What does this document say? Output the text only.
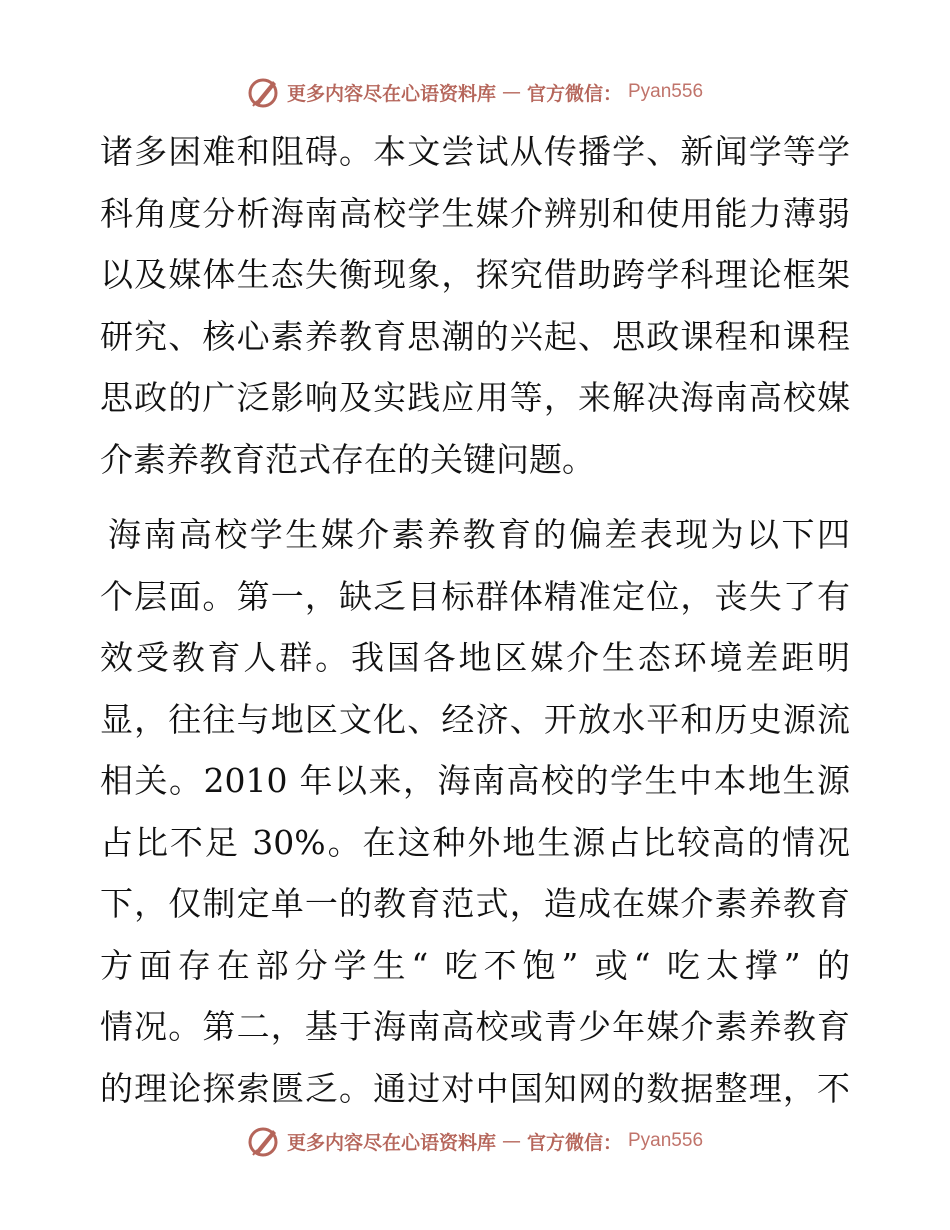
更多内容尽在心语资料库 — 官方微信： Pyan556
诸多困难和阻碍。本文尝试从传播学、新闻学等学
科角度分析海南高校学生媒介辨别和使用能力薄弱
以及媒体生态失衡现象，探究借助跨学科理论框架
研究、核心素养教育思潮的兴起、思政课程和课程
思政的广泛影响及实践应用等，来解决海南高校媒
介素养教育范式存在的关键问题。
海南高校学生媒介素养教育的偏差表现为以下四
个层面。第一，缺乏目标群体精准定位，丧失了有
效受教育人群。我国各地区媒介生态环境差距明
显，往往与地区文化、经济、开放水平和历史源流
相关。2010 年以来，海南高校的学生中本地生源
占比不足 30%。在这种外地生源占比较高的情况
下，仅制定单一的教育范式，造成在媒介素养教育
方面存在部分学生“ 吃不饱” 或“ 吃太撑” 的
情况。第二，基于海南高校或青少年媒介素养教育
的理论探索匮乏。通过对中国知网的数据整理，不
更多内容尽在心语资料库 — 官方微信： Pyan556
